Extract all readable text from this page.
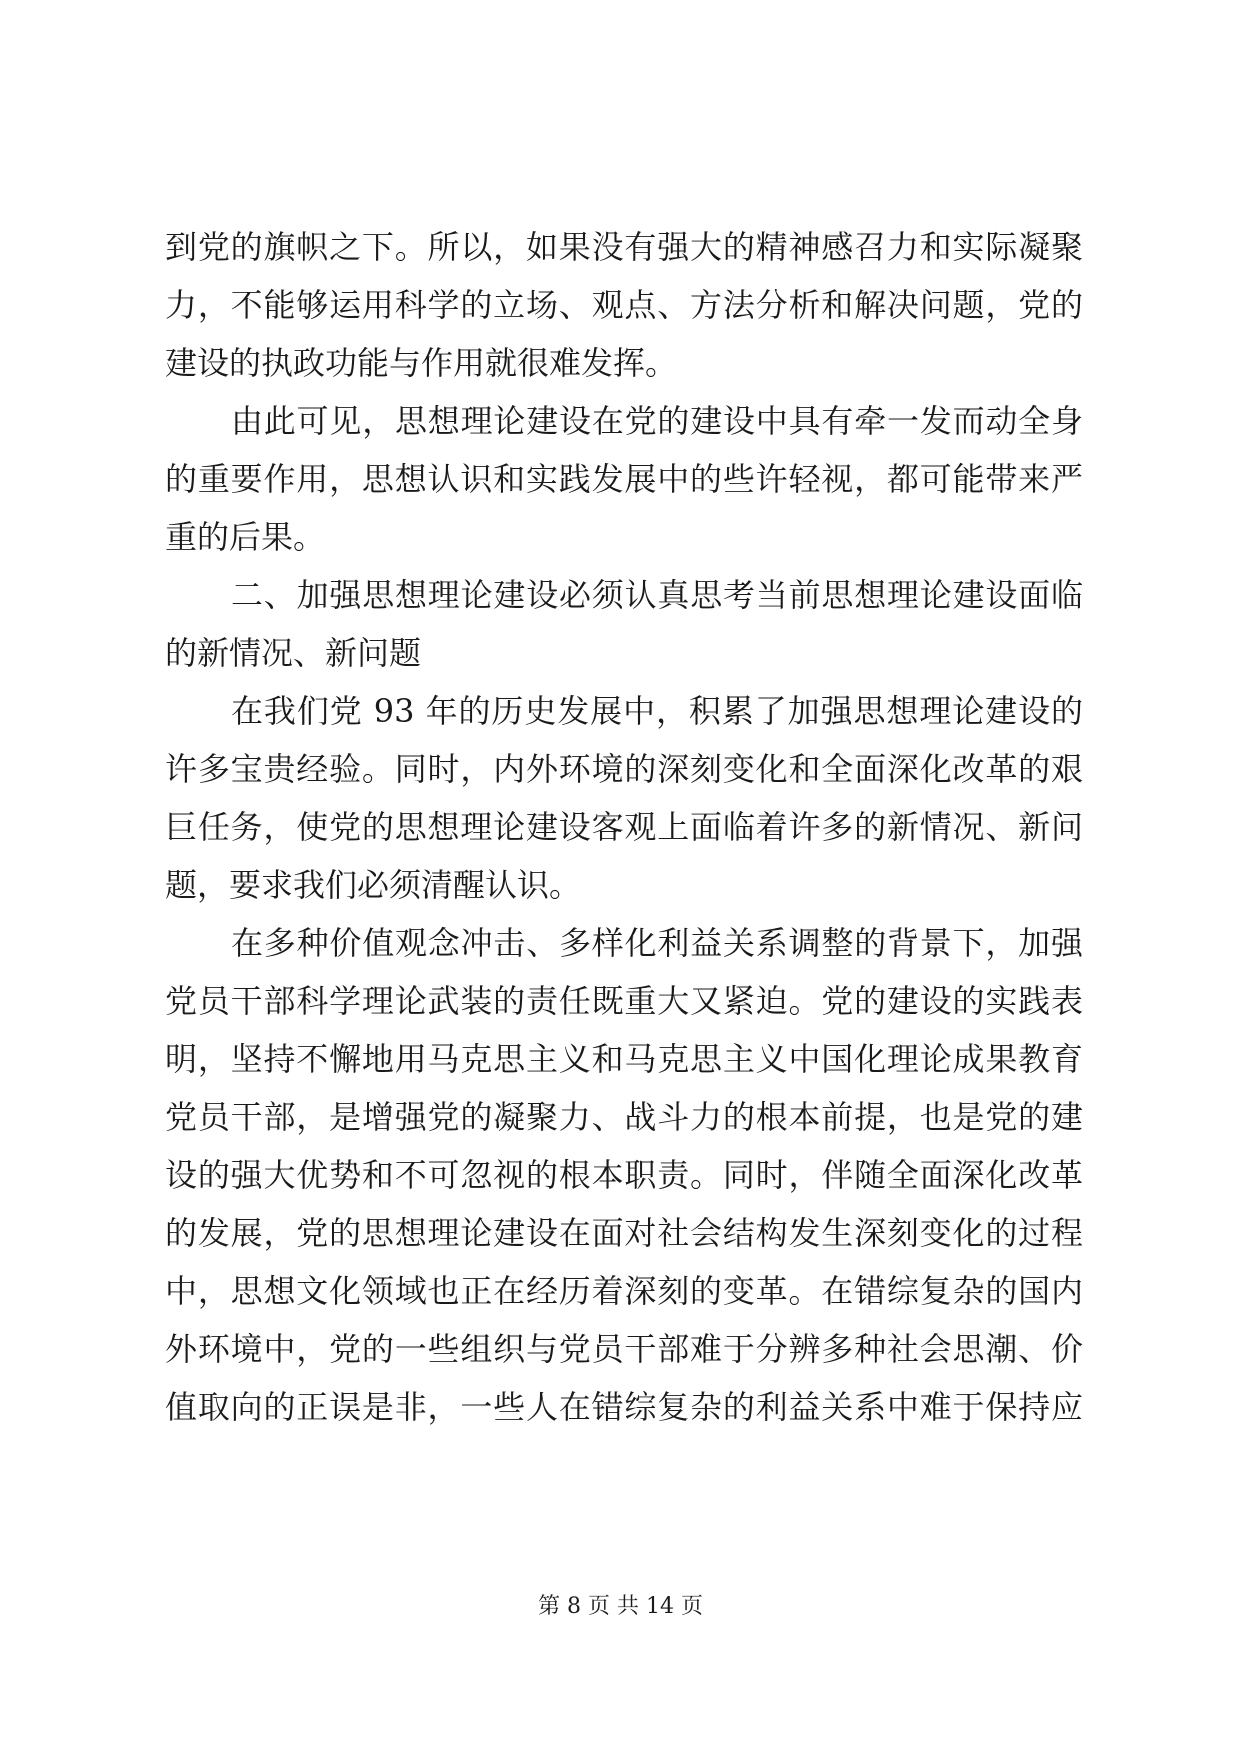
到党的旗帜之下。所以，如果没有强大的精神感召力和实际凝聚
力，不能够运用科学的立场、观点、方法分析和解决问题，党的
建设的执政功能与作用就很难发挥。
由此可见，思想理论建设在党的建设中具有牵一发而动全身
的重要作用，思想认识和实践发展中的些许轻视，都可能带来严
重的后果。
二、加强思想理论建设必须认真思考当前思想理论建设面临
的新情况、新问题
在我们党 93 年的历史发展中，积累了加强思想理论建设的
许多宝贵经验。同时，内外环境的深刻变化和全面深化改革的艰
巨任务，使党的思想理论建设客观上面临着许多的新情况、新问
题，要求我们必须清醒认识。
在多种价值观念冲击、多样化利益关系调整的背景下，加强
党员干部科学理论武装的责任既重大又紧迫。党的建设的实践表
明，坚持不懈地用马克思主义和马克思主义中国化理论成果教育
党员干部，是增强党的凝聚力、战斗力的根本前提，也是党的建
设的强大优势和不可忽视的根本职责。同时，伴随全面深化改革
的发展，党的思想理论建设在面对社会结构发生深刻变化的过程
中，思想文化领域也正在经历着深刻的变革。在错综复杂的国内
外环境中，党的一些组织与党员干部难于分辨多种社会思潮、价
值取向的正误是非，一些人在错综复杂的利益关系中难于保持应
第 8 页 共 14 页
